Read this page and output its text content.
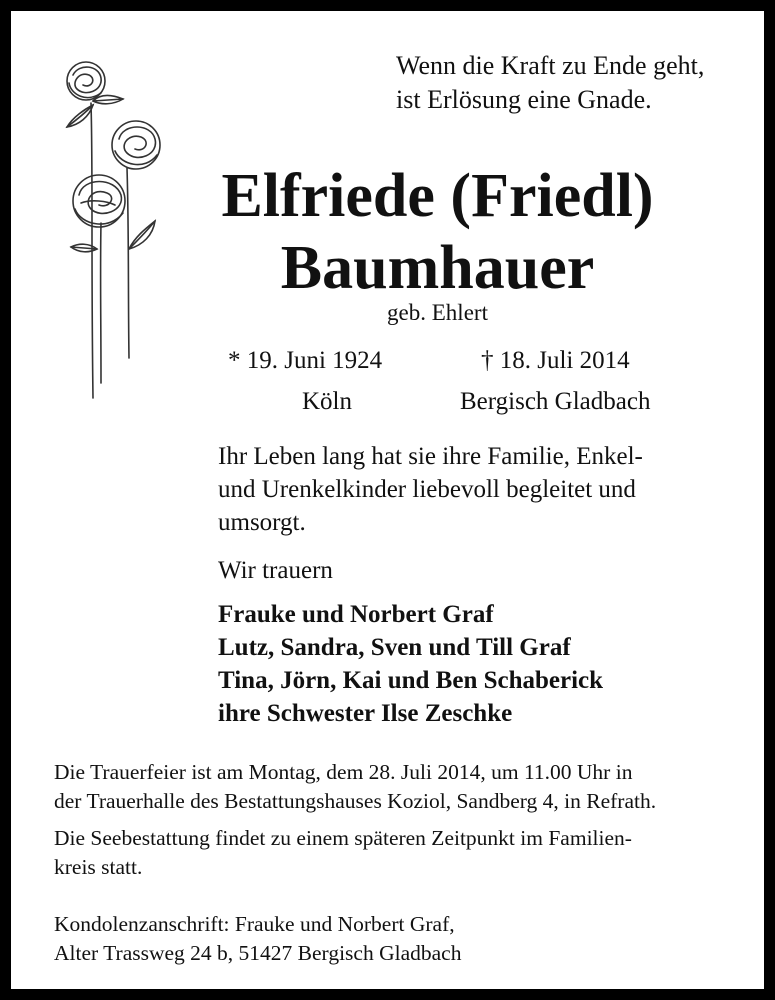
Wenn die Kraft zu Ende geht,
ist Erlösung eine Gnade.
Elfriede (Friedl)
Baumhauer
geb. Ehlert
* 19. Juni 1924	† 18. Juli 2014
Köln	Bergisch Gladbach
Ihr Leben lang hat sie ihre Familie, Enkel-
und Urenkelkinder liebevoll begleitet und
umsorgt.
Wir trauern
Frauke und Norbert Graf
Lutz, Sandra, Sven und Till Graf
Tina, Jörn, Kai und Ben Schaberick
ihre Schwester Ilse Zeschke
Die Trauerfeier ist am Montag, dem 28. Juli 2014, um 11.00 Uhr in
der Trauerhalle des Bestattungshauses Koziol, Sandberg 4, in Refrath.
Die Seebestattung findet zu einem späteren Zeitpunkt im Familien-
kreis statt.
Kondolenzanschrift: Frauke und Norbert Graf,
Alter Trassweg 24 b, 51427 Bergisch Gladbach
